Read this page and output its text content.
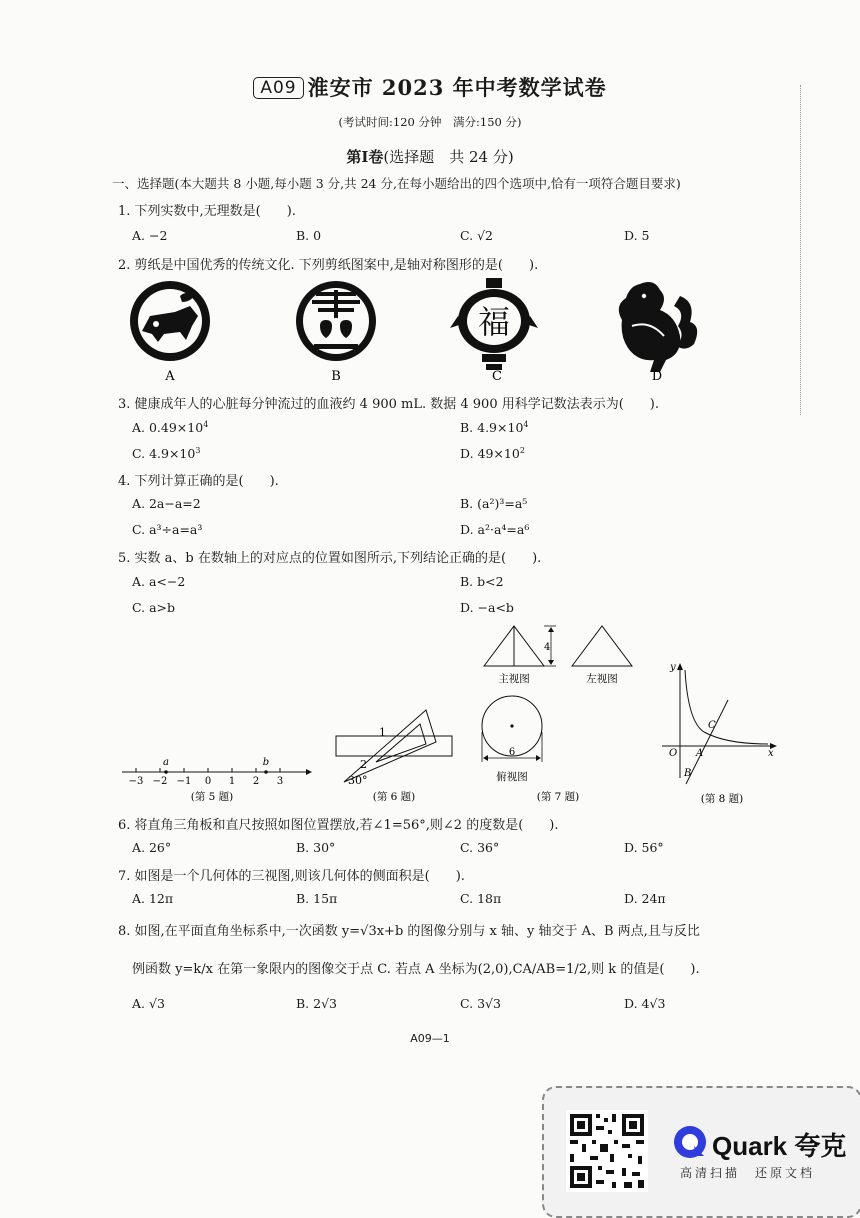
A09 淮安市 2023 年中考数学试卷
(考试时间:120 分钟　满分:150 分)
第Ⅰ卷(选择题　共 24 分)
一、选择题(本大题共 8 小题,每小题 3 分,共 24 分,在每小题给出的四个选项中,恰有一项符合题目要求)
1. 下列实数中,无理数是(　　).
A. −2	B. 0	C. √2	D. 5
2. 剪纸是中国优秀的传统文化. 下列剪纸图案中,是轴对称图形的是(　　).
福
A	B	C	D
3. 健康成年人的心脏每分钟流过的血液约 4 900 mL. 数据 4 900 用科学记数法表示为(　　).
A. $0.49\times 10^4$	B. $4.9\times 10^4$
C. $4.9\times 10^3$	D. $49\times 10^2$
4. 下列计算正确的是(　　).
A. 2a−a=2	B. (a²)³=a⁵
C. a³÷a=a³	D. a²·a⁴=a⁶
5. 实数 a、b 在数轴上的对应点的位置如图所示,下列结论正确的是(　　).
A. a<−2	B. b<2
C. a>b	D. −a<b
a	b
−3 −2 −1 0 1 2 3
(第 5 题)
1
2
30°
(第 6 题)
4
主视图	左视图
6
俯视图
(第 7 题)
y
x
O A
B
C
(第 8 题)
6. 将直角三角板和直尺按照如图位置摆放,若∠1=56°,则∠2 的度数是(　　).
A. 26°	B. 30°	C. 36°	D. 56°
7. 如图是一个几何体的三视图,则该几何体的侧面积是(　　).
A. 12π	B. 15π	C. 18π	D. 24π
8. 如图,在平面直角坐标系中,一次函数 y=√3x+b 的图像分别与 x 轴、y 轴交于 A、B 两点,且与反比
例函数 y=k/x 在第一象限内的图像交于点 C. 若点 A 坐标为(2,0),CA/AB=1/2,则 k 的值是(　　).
A. √3	B. 2√3	C. 3√3	D. 4√3
A09—1
Quark 夸克
高清扫描　还原文档
